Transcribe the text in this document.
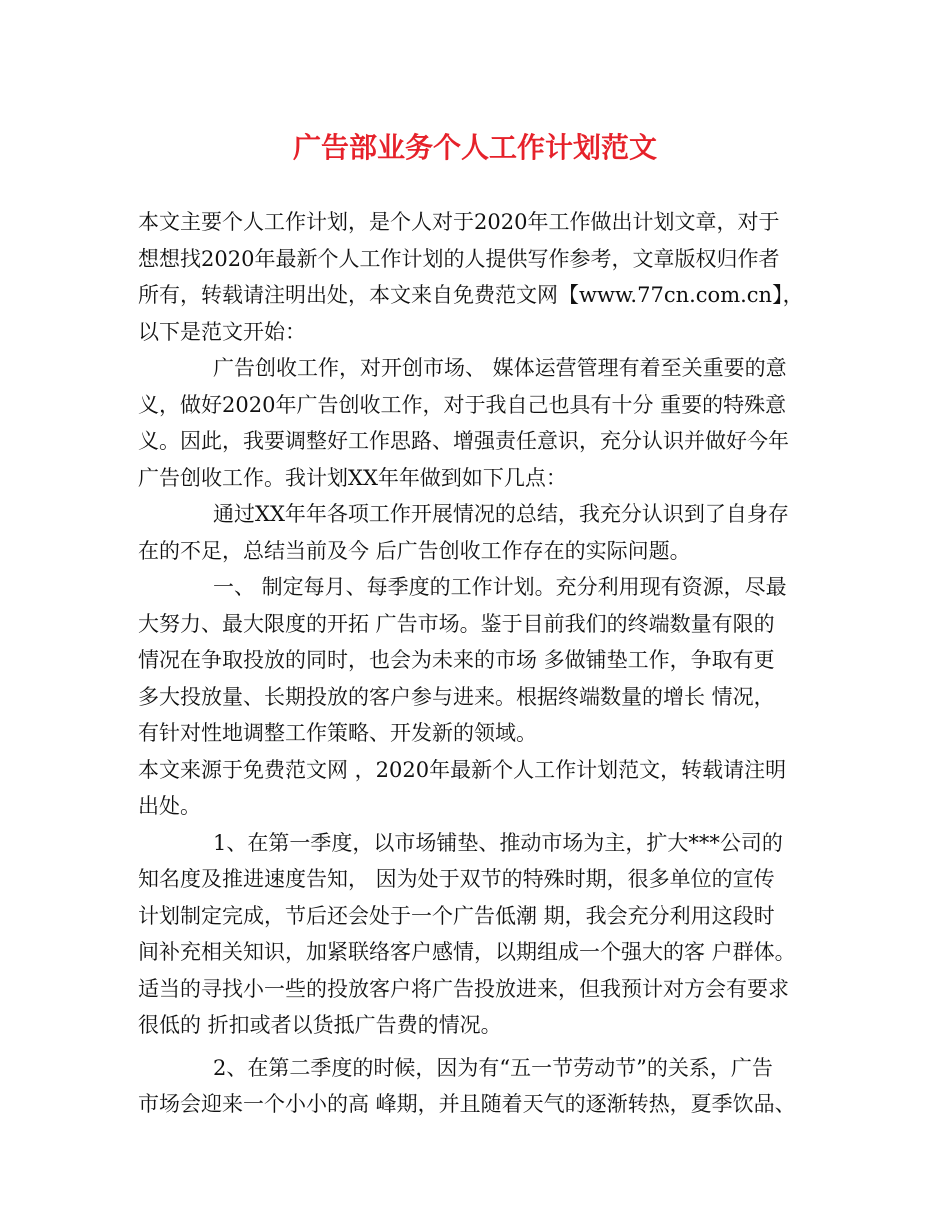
广告部业务个人工作计划范文
本文主要个人工作计划，是个人对于2020年工作做出计划文章，对于
想想找2020年最新个人工作计划的人提供写作参考，文章版权归作者
所有，转载请注明出处，本文来自免费范文网【www.77cn.com.cn】，
以下是范文开始：
广告创收工作，对开创市场、 媒体运营管理有着至关重要的意
义，做好2020年广告创收工作，对于我自己也具有十分 重要的特殊意
义。因此，我要调整好工作思路、增强责任意识，充分认识并做好今年
广告创收工作。我计划XX年年做到如下几点：
通过XX年年各项工作开展情况的总结，我充分认识到了自身存
在的不足，总结当前及今 后广告创收工作存在的实际问题。
一、 制定每月、每季度的工作计划。充分利用现有资源，尽最
大努力、最大限度的开拓 广告市场。鉴于目前我们的终端数量有限的
情况在争取投放的同时，也会为未来的市场 多做铺垫工作，争取有更
多大投放量、长期投放的客户参与进来。根据终端数量的增长 情况，
有针对性地调整工作策略、开发新的领域。
本文来源于免费范文网 ，2020年最新个人工作计划范文，转载请注明
出处。
1、在第一季度，以市场铺垫、推动市场为主，扩大***公司的
知名度及推进速度告知， 因为处于双节的特殊时期，很多单位的宣传
计划制定完成，节后还会处于一个广告低潮 期，我会充分利用这段时
间补充相关知识，加紧联络客户感情，以期组成一个强大的客 户群体。
适当的寻找小一些的投放客户将广告投放进来，但我预计对方会有要求
很低的 折扣或者以货抵广告费的情况。
2、在第二季度的时候，因为有“五一节劳动节”的关系，广告
市场会迎来一个小小的高 峰期，并且随着天气的逐渐转热，夏季饮品、
